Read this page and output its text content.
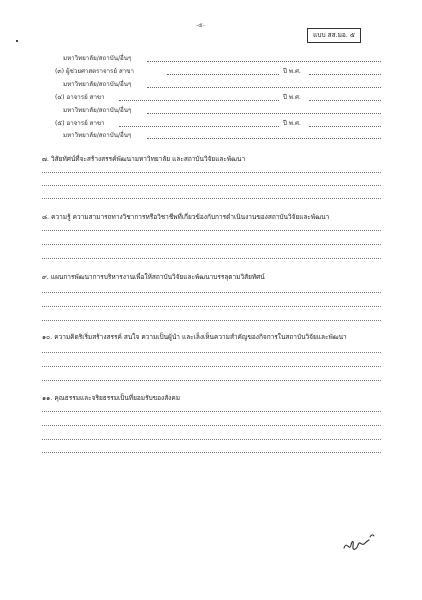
-๕-
แบบ สส.มอ. ๕
มหาวิทยาลัย/สถาบัน/อื่นๆ
(๓) ผู้ช่วยศาสตราจารย์ สาขา	ปี พ.ศ.
มหาวิทยาลัย/สถาบัน/อื่นๆ
(๔) อาจารย์ สาขา	ปี พ.ศ.
มหาวิทยาลัย/สถาบัน/อื่นๆ
(๕) อาจารย์ สาขา	ปี พ.ศ.
มหาวิทยาลัย/สถาบัน/อื่นๆ
๗. วิสัยทัศน์ที่จะสร้างสรรค์พัฒนามหาวิทยาลัย และสถาบันวิจัยและพัฒนา
๘. ความรู้ ความสามารถทางวิชาการหรือวิชาชีพที่เกี่ยวข้องกับการดำเนินงานของสถาบันวิจัยและพัฒนา
๙. แผนการพัฒนาการบริหารงานเพื่อให้สถาบันวิจัยและพัฒนาบรรลุตามวิสัยทัศน์
๑๐. ความคิดริเริ่มสร้างสรรค์ สนใจ ความเป็นผู้นำ และเล็งเห็นความสำคัญของกิจการในสถาบันวิจัยและพัฒนา
๑๑. คุณธรรมและจริยธรรมเป็นที่ยอมรับของสังคม
